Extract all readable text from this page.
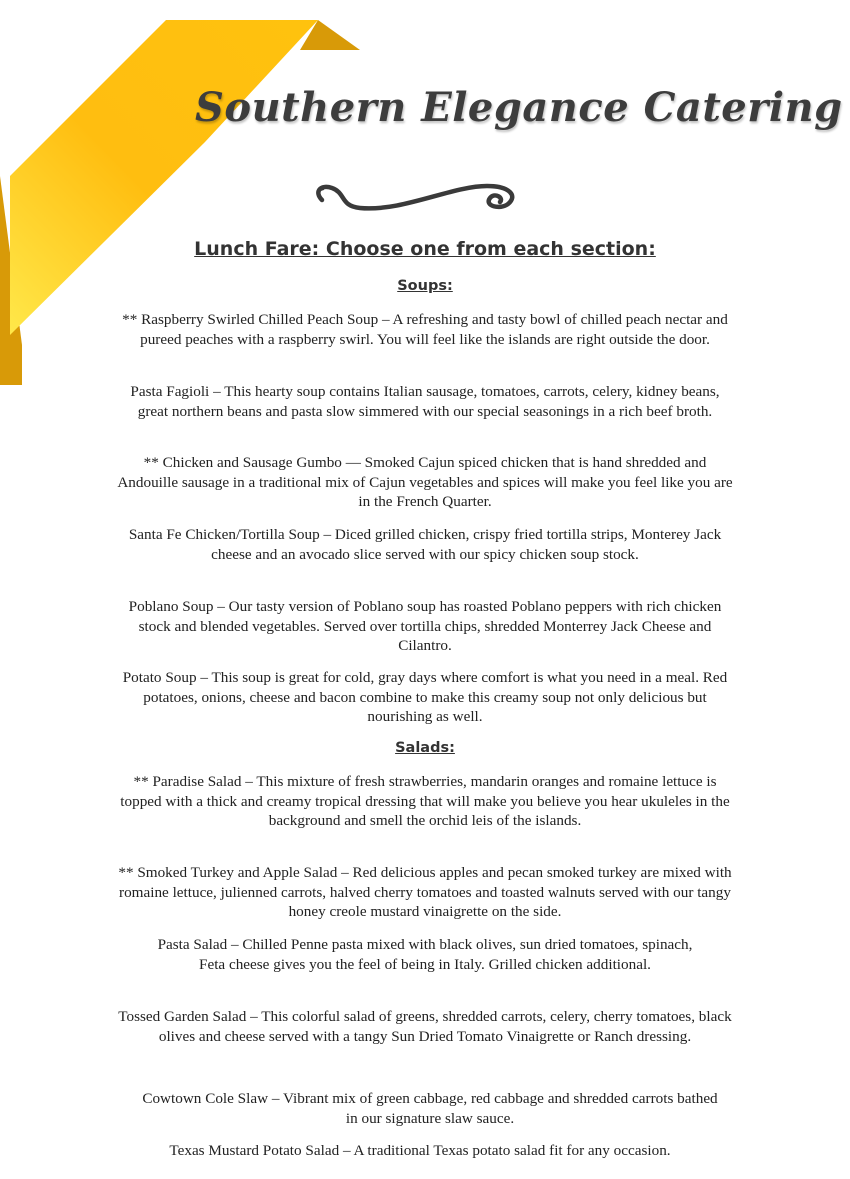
Southern Elegance Catering
Lunch Fare: Choose one from each section:
Soups:
** Raspberry Swirled Chilled Peach Soup – A refreshing and tasty bowl of chilled peach nectar and pureed peaches with a raspberry swirl. You will feel like the islands are right outside the door.
Pasta Fagioli – This hearty soup contains Italian sausage, tomatoes, carrots, celery, kidney beans, great northern beans and pasta slow simmered with our special seasonings in a rich beef broth.
** Chicken and Sausage Gumbo — Smoked Cajun spiced chicken that is hand shredded and Andouille sausage in a traditional mix of Cajun vegetables and spices will make you feel like you are in the French Quarter.
Santa Fe Chicken/Tortilla Soup – Diced grilled chicken, crispy fried tortilla strips, Monterey Jack cheese and an avocado slice served with our spicy chicken soup stock.
Poblano Soup – Our tasty version of Poblano soup has roasted Poblano peppers with rich chicken stock and blended vegetables. Served over tortilla chips, shredded Monterrey Jack Cheese and Cilantro.
Potato Soup – This soup is great for cold, gray days where comfort is what you need in a meal. Red potatoes, onions, cheese and bacon combine to make this creamy soup not only delicious but nourishing as well.
Salads:
** Paradise Salad – This mixture of fresh strawberries, mandarin oranges and romaine lettuce is topped with a thick and creamy tropical dressing that will make you believe you hear ukuleles in the background and smell the orchid leis of the islands.
** Smoked Turkey and Apple Salad – Red delicious apples and pecan smoked turkey are mixed with romaine lettuce, julienned carrots, halved cherry tomatoes and toasted walnuts served with our tangy honey creole mustard vinaigrette on the side.
Pasta Salad – Chilled Penne pasta mixed with black olives, sun dried tomatoes, spinach,
Feta cheese gives you the feel of being in Italy. Grilled chicken additional.
Tossed Garden Salad – This colorful salad of greens, shredded carrots, celery, cherry tomatoes, black olives and cheese served with a tangy Sun Dried Tomato Vinaigrette or Ranch dressing.
Cowtown Cole Slaw – Vibrant mix of green cabbage, red cabbage and shredded carrots bathed in our signature slaw sauce.
Texas Mustard Potato Salad – A traditional Texas potato salad fit for any occasion.
